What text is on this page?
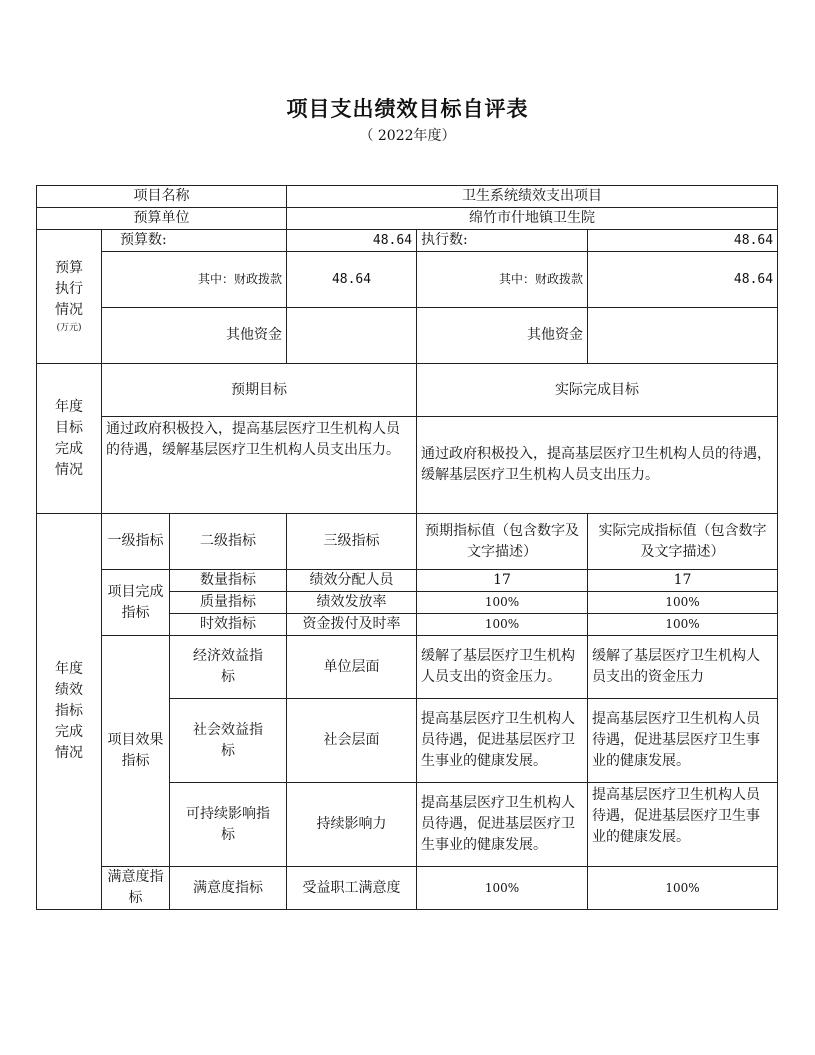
项目支出绩效目标自评表
（ 2022年度）
项目名称			卫生系统绩效支出项目		
预算单位			绵竹市什地镇卫生院		

预算执行情况
(万元)	预算数:		48.64	执行数:	48.64
	其中：财政拨款		48.64	其中：财政拨款	48.64
	其他资金			其他资金	

年度目标完成情况	预期目标			实际完成目标	
	通过政府积极投入，提高基层医疗卫生机构人员的待遇，缓解基层医疗卫生机构人员支出压力。			通过政府积极投入，提高基层医疗卫生机构人员的待遇，缓解基层医疗卫生机构人员支出压力。	

年度绩效指标完成情况	一级指标	二级指标	三级指标	预期指标值（包含数字及文字描述）	实际完成指标值（包含数字及文字描述）
	项目完成指标	数量指标	绩效分配人员	17	17
		质量指标	绩效发放率	100%	100%
		时效指标	资金拨付及时率	100%	100%
	项目效果指标	经济效益指标	单位层面	缓解了基层医疗卫生机构人员支出的资金压力。	缓解了基层医疗卫生机构人员支出的资金压力
		社会效益指标	社会层面	提高基层医疗卫生机构人员待遇，促进基层医疗卫生事业的健康发展。	提高基层医疗卫生机构人员待遇，促进基层医疗卫生事业的健康发展。
		可持续影响指标	持续影响力	提高基层医疗卫生机构人员待遇，促进基层医疗卫生事业的健康发展。	提高基层医疗卫生机构人员待遇，促进基层医疗卫生事业的健康发展。
	满意度指标	满意度指标	受益职工满意度	100%	100%
